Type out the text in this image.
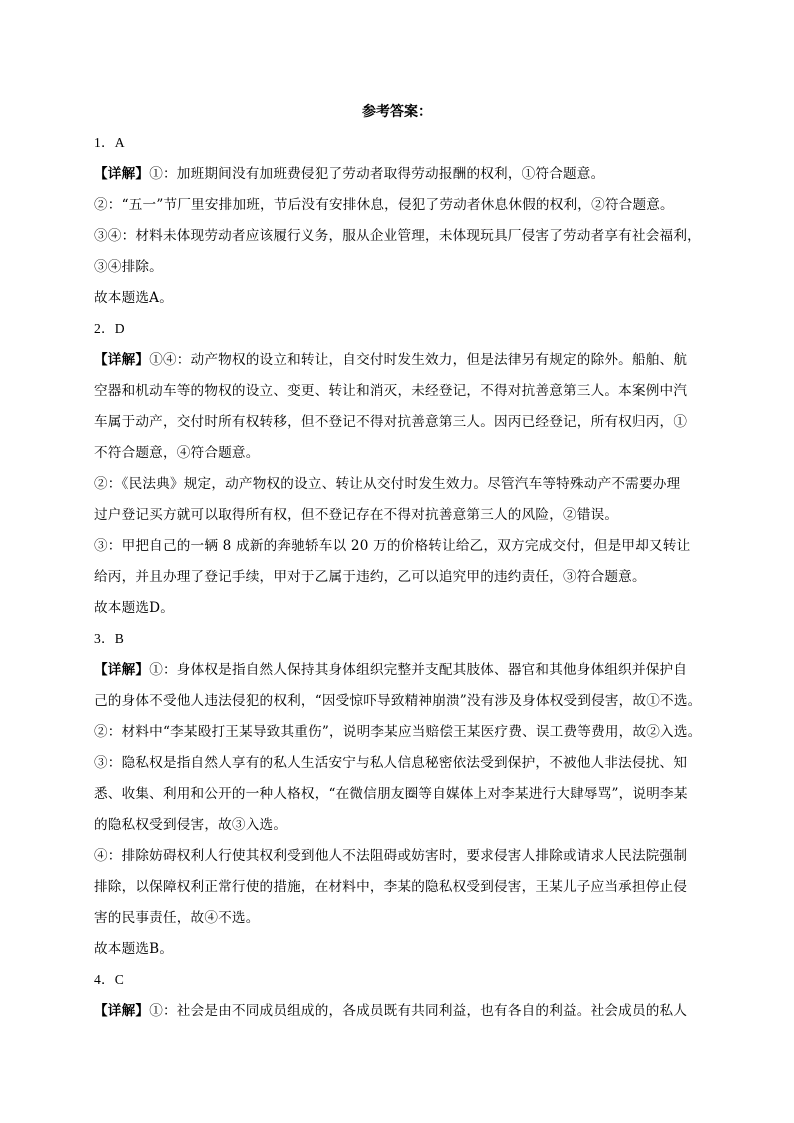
参考答案：
1．A
【详解】①：加班期间没有加班费侵犯了劳动者取得劳动报酬的权利，①符合题意。
②：“五一”节厂里安排加班，节后没有安排休息，侵犯了劳动者休息休假的权利，②符合题意。
③④：材料未体现劳动者应该履行义务，服从企业管理，未体现玩具厂侵害了劳动者享有社会福利，
③④排除。
故本题选A。
2．D
【详解】①④：动产物权的设立和转让，自交付时发生效力，但是法律另有规定的除外。船舶、航
空器和机动车等的物权的设立、变更、转让和消灭，未经登记，不得对抗善意第三人。本案例中汽
车属于动产，交付时所有权转移，但不登记不得对抗善意第三人。因丙已经登记，所有权归丙，①
不符合题意，④符合题意。
②：《民法典》规定，动产物权的设立、转让从交付时发生效力。尽管汽车等特殊动产不需要办理
过户登记买方就可以取得所有权，但不登记存在不得对抗善意第三人的风险，②错误。
③：甲把自己的一辆 8 成新的奔驰轿车以 20 万的价格转让给乙，双方完成交付，但是甲却又转让
给丙，并且办理了登记手续，甲对于乙属于违约，乙可以追究甲的违约责任，③符合题意。
故本题选D。
3．B
【详解】①：身体权是指自然人保持其身体组织完整并支配其肢体、器官和其他身体组织并保护自
己的身体不受他人违法侵犯的权利，“因受惊吓导致精神崩溃”没有涉及身体权受到侵害，故①不选。
②：材料中“李某殴打王某导致其重伤”，说明李某应当赔偿王某医疗费、误工费等费用，故②入选。
③：隐私权是指自然人享有的私人生活安宁与私人信息秘密依法受到保护，不被他人非法侵扰、知
悉、收集、利用和公开的一种人格权，“在微信朋友圈等自媒体上对李某进行大肆辱骂”，说明李某
的隐私权受到侵害，故③入选。
④：排除妨碍权利人行使其权利受到他人不法阻碍或妨害时，要求侵害人排除或请求人民法院强制
排除，以保障权利正常行使的措施，在材料中，李某的隐私权受到侵害，王某儿子应当承担停止侵
害的民事责任，故④不选。
故本题选B。
4．C
【详解】①：社会是由不同成员组成的，各成员既有共同利益，也有各自的利益。社会成员的私人
